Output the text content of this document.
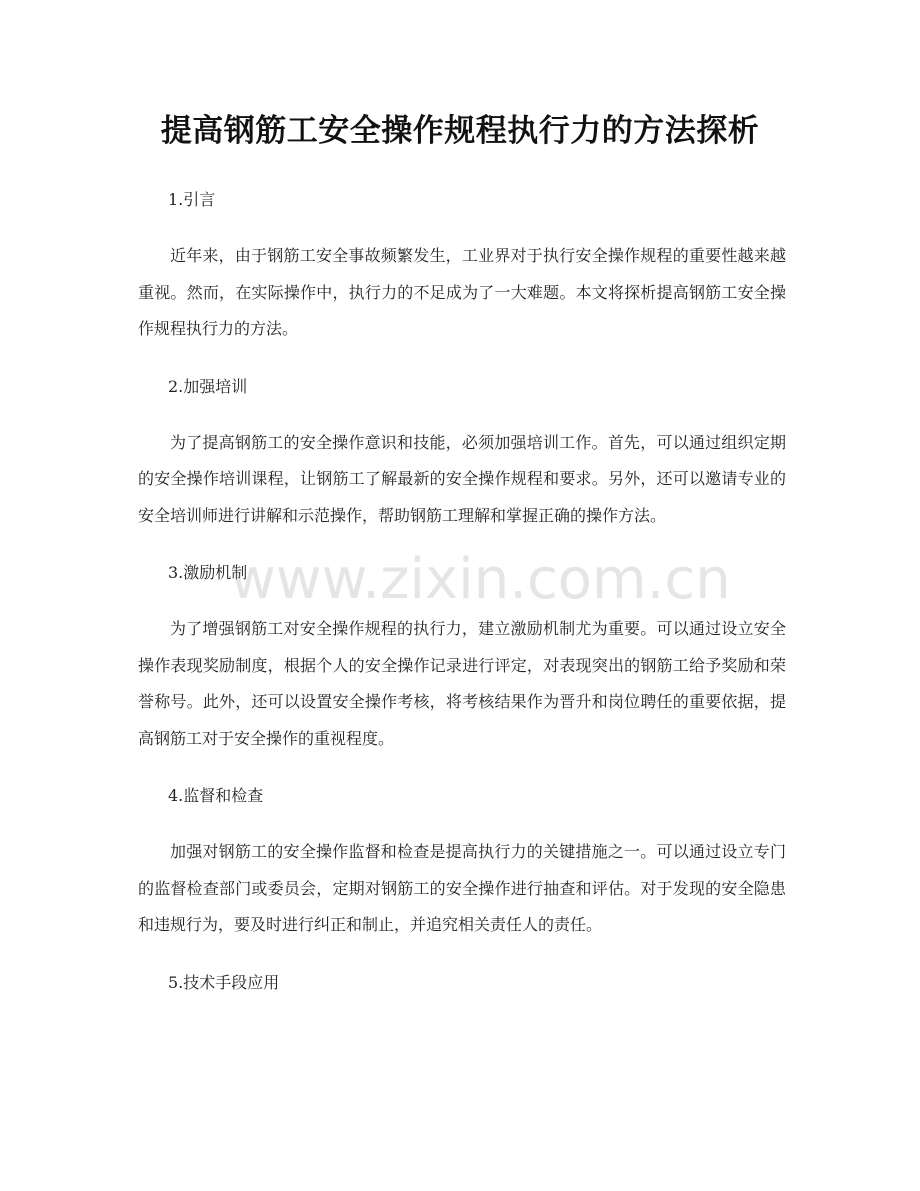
提高钢筋工安全操作规程执行力的方法探析
1.引言

近年来，由于钢筋工安全事故频繁发生，工业界对于执行安全操作规程的重要性越来越重视。然而，在实际操作中，执行力的不足成为了一大难题。本文将探析提高钢筋工安全操作规程执行力的方法。

2.加强培训

为了提高钢筋工的安全操作意识和技能，必须加强培训工作。首先，可以通过组织定期的安全操作培训课程，让钢筋工了解最新的安全操作规程和要求。另外，还可以邀请专业的安全培训师进行讲解和示范操作，帮助钢筋工理解和掌握正确的操作方法。

3.激励机制

为了增强钢筋工对安全操作规程的执行力，建立激励机制尤为重要。可以通过设立安全操作表现奖励制度，根据个人的安全操作记录进行评定，对表现突出的钢筋工给予奖励和荣誉称号。此外，还可以设置安全操作考核，将考核结果作为晋升和岗位聘任的重要依据，提高钢筋工对于安全操作的重视程度。

4.监督和检查

加强对钢筋工的安全操作监督和检查是提高执行力的关键措施之一。可以通过设立专门的监督检查部门或委员会，定期对钢筋工的安全操作进行抽查和评估。对于发现的安全隐患和违规行为，要及时进行纠正和制止，并追究相关责任人的责任。

5.技术手段应用
www.zixin.com.cn
